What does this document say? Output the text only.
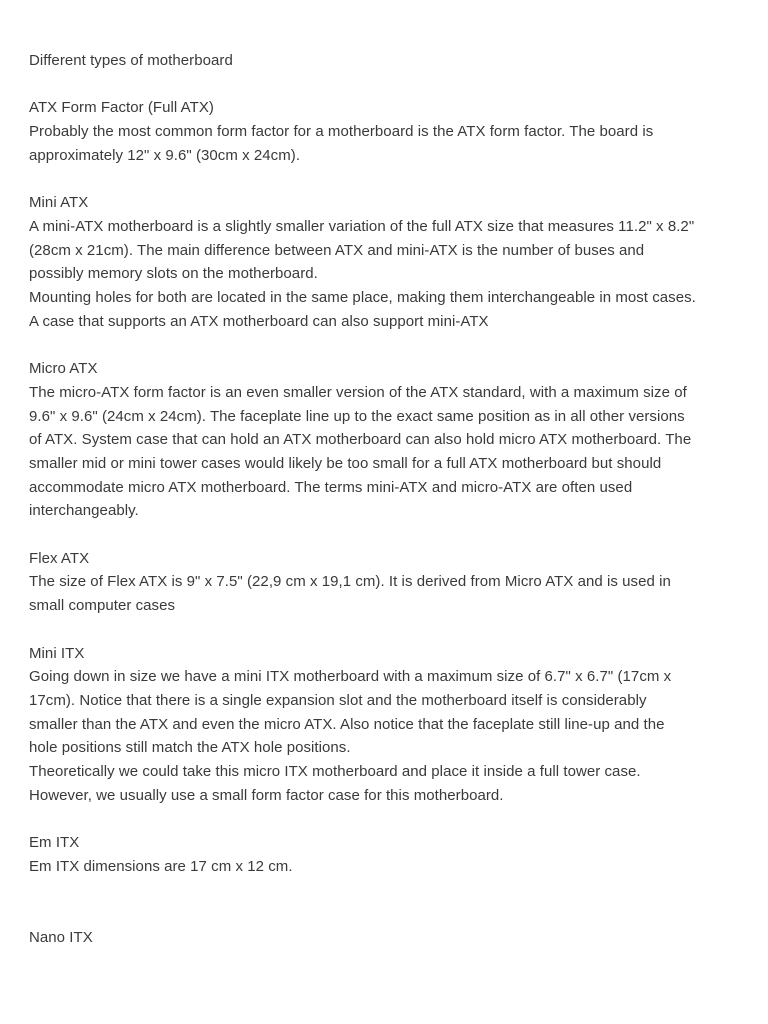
Different types of motherboard
ATX Form Factor (Full ATX)
Probably the most common form factor for a motherboard is the ATX form factor. The board is
approximately 12" x 9.6" (30cm x 24cm).
Mini ATX
A mini-ATX motherboard is a slightly smaller variation of the full ATX size that measures 11.2" x 8.2"
(28cm x 21cm). The main difference between ATX and mini-ATX is the number of buses and
possibly memory slots on the motherboard.
Mounting holes for both are located in the same place, making them interchangeable in most cases.
A case that supports an ATX motherboard can also support mini-ATX
Micro ATX
The micro-ATX form factor is an even smaller version of the ATX standard, with a maximum size of
9.6" x 9.6" (24cm x 24cm). The faceplate line up to the exact same position as in all other versions
of ATX. System case that can hold an ATX motherboard can also hold micro ATX motherboard. The
smaller mid or mini tower cases would likely be too small for a full ATX motherboard but should
accommodate micro ATX motherboard. The terms mini-ATX and micro-ATX are often used
interchangeably.
Flex ATX
The size of Flex ATX is 9" x 7.5" (22,9 cm x 19,1 cm). It is derived from Micro ATX and is used in
small computer cases
Mini ITX
Going down in size we have a mini ITX motherboard with a maximum size of 6.7" x 6.7" (17cm x
17cm). Notice that there is a single expansion slot and the motherboard itself is considerably
smaller than the ATX and even the micro ATX. Also notice that the faceplate still line-up and the
hole positions still match the ATX hole positions.
Theoretically we could take this micro ITX motherboard and place it inside a full tower case.
However, we usually use a small form factor case for this motherboard.
Em ITX
Em ITX dimensions are 17 cm x 12 cm.
Nano ITX
